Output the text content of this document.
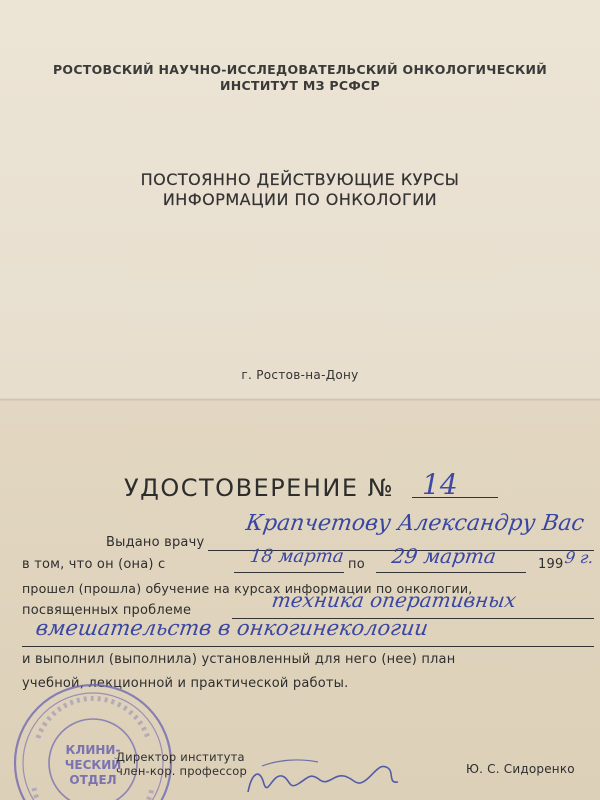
РОСТОВСКИЙ НАУЧНО-ИССЛЕДОВАТЕЛЬСКИЙ ОНКОЛОГИЧЕСКИЙ
ИНСТИТУТ МЗ РСФСР
ПОСТОЯННО ДЕЙСТВУЮЩИЕ КУРСЫ
ИНФОРМАЦИИ ПО ОНКОЛОГИИ
г. Ростов-на-Дону
УДОСТОВЕРЕНИЕ № 14
Выдано врачу
Крапчетову Александру Вас
в том, что он (она) с	18 марта по 29 марта	199 9 г.
прошел (прошла) обучение на курсах информации по онкологии,
посвященных проблеме	техника оперативных
вмешательств в онкогинекологии
и выполнил (выполнила) установленный для него (нее) план
учебной, лекционной и практической работы.
КЛИНИ-
ЧЕСКИЙ
ОТДЕЛ
Директор института
член-кор. профессор	Ю. С. Сидоренко
